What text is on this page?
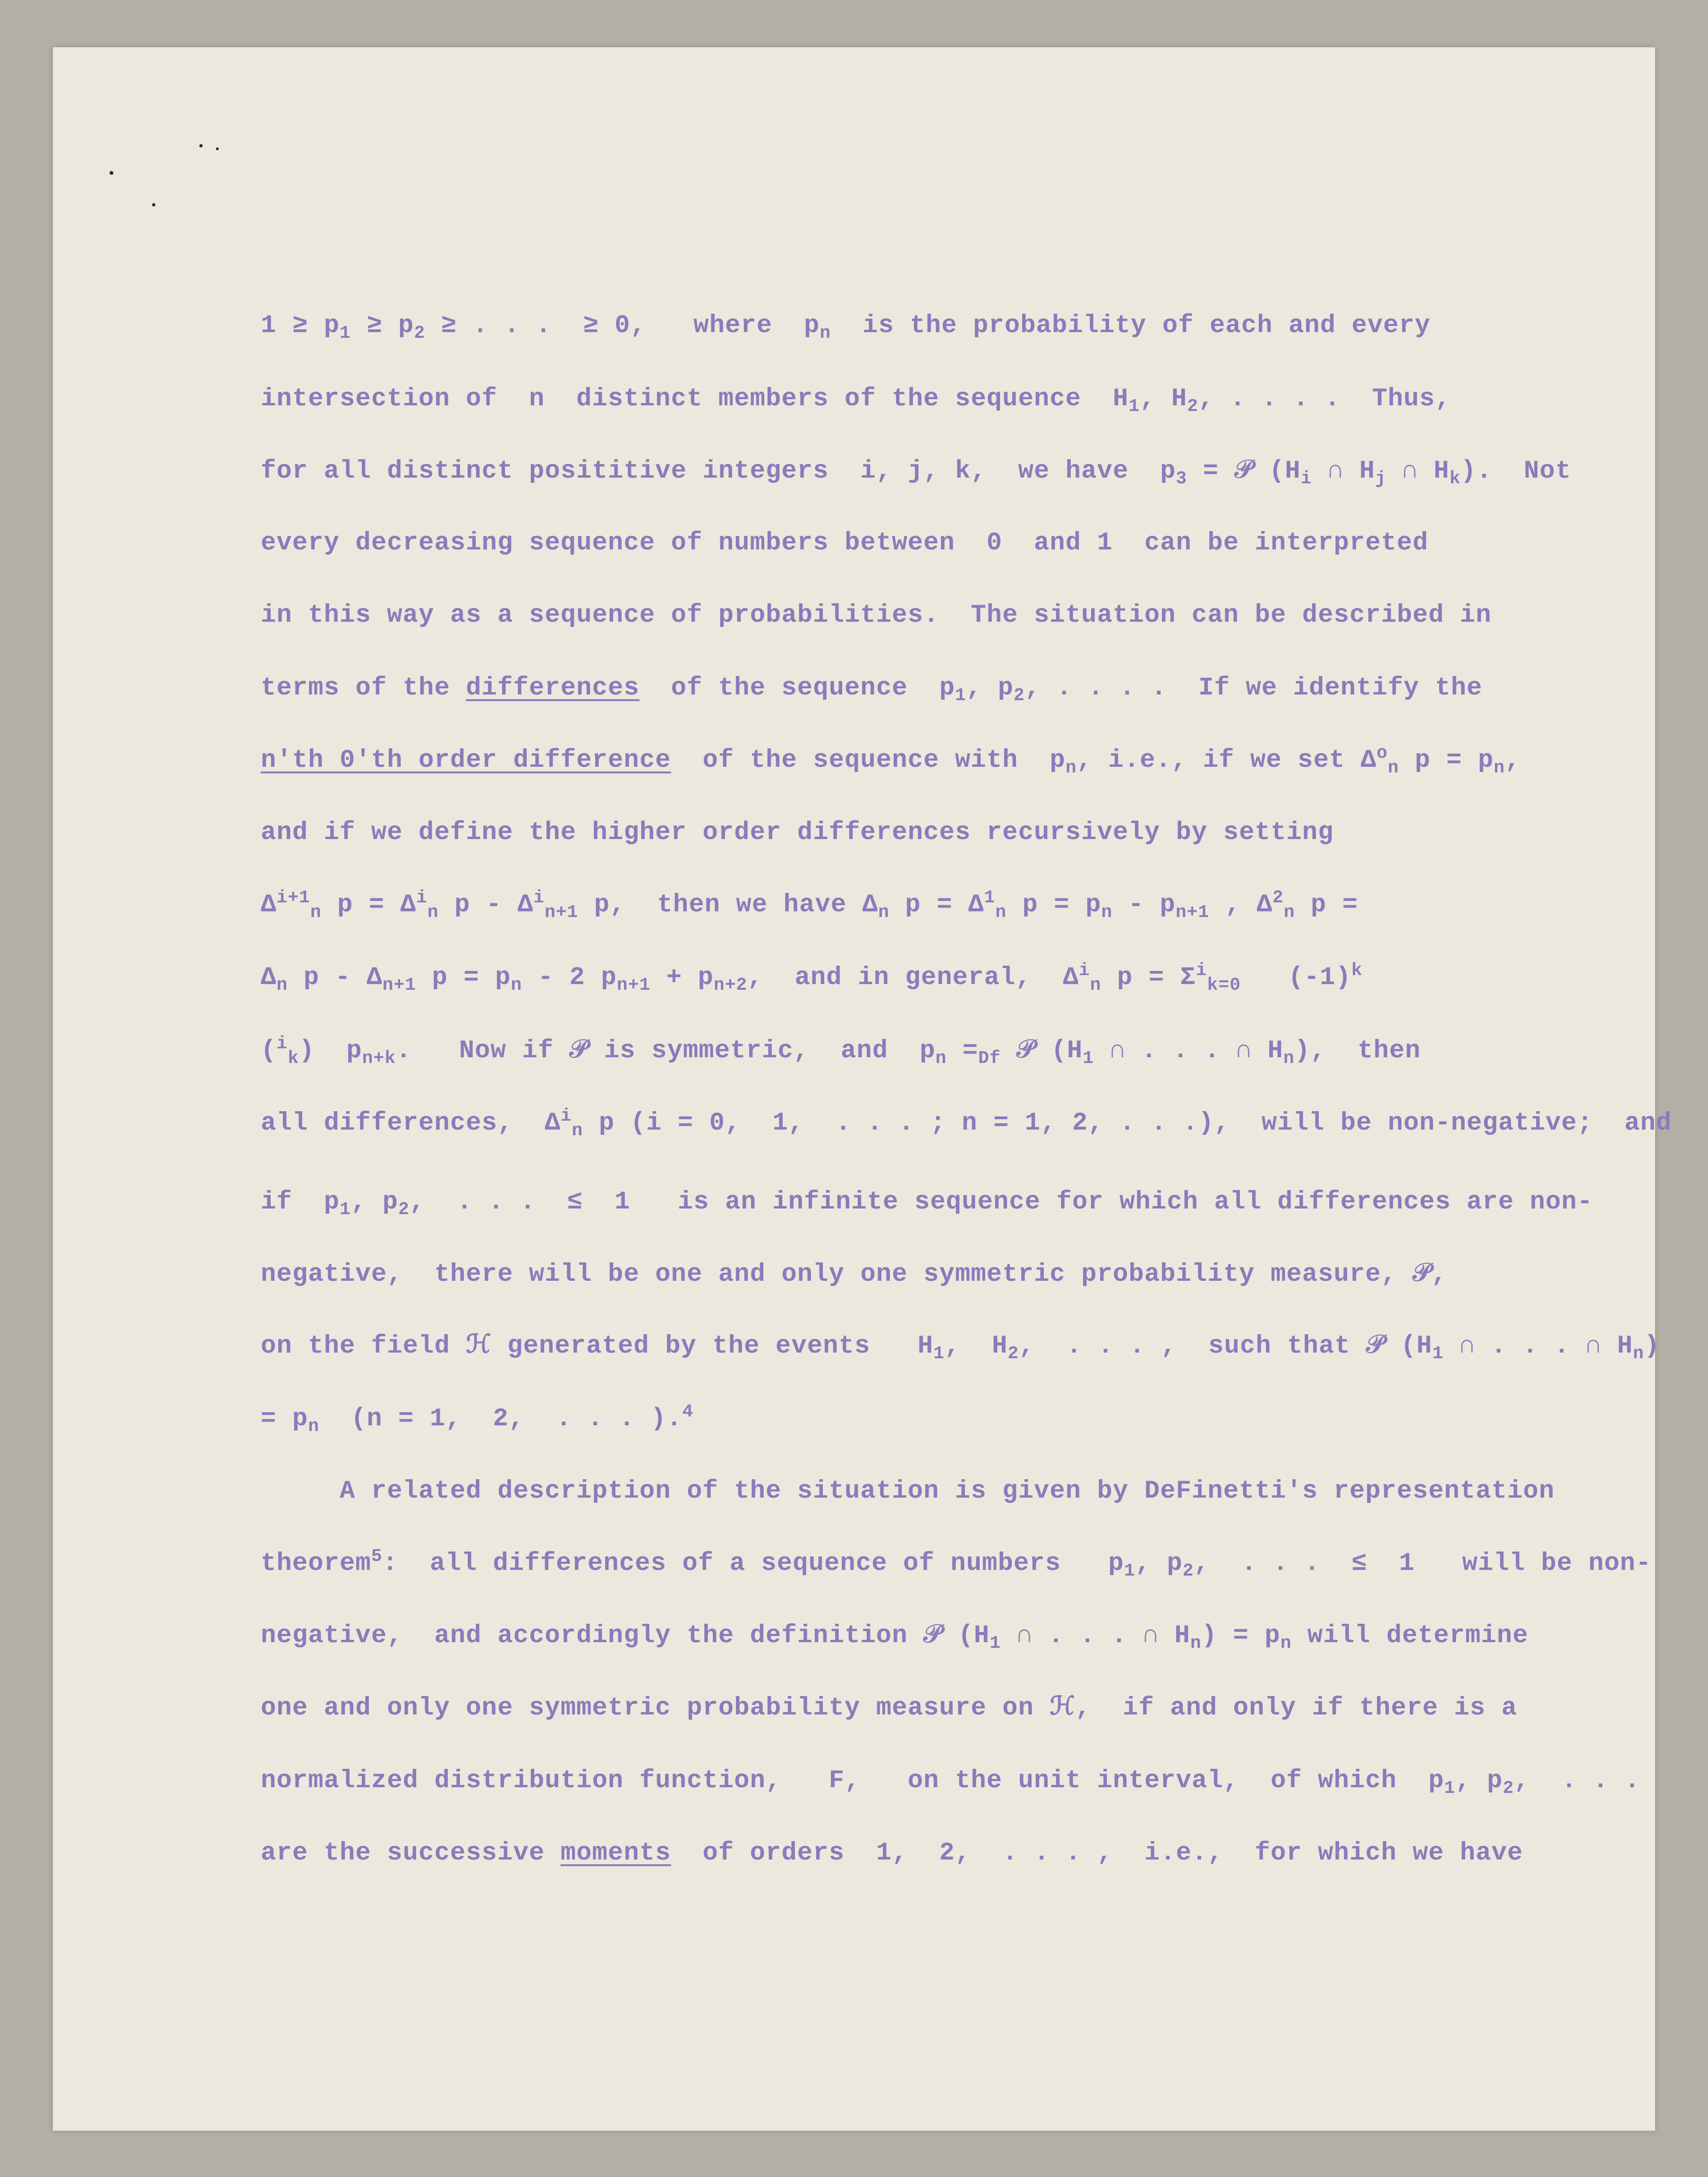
$1 \ge p_1 \ge p_2$ ≥ . . .  ≥ 0,   where  $p_n$  is the probability of each and every
intersection of  n  distinct members of the sequence  $H_1$, $H_2$, . . . .  Thus,
for all distinct posititive integers  i, j, k,  we have  $p_3$ = 𝒫 ($H_i$ ∩ $H_j$ ∩ $H_k$).  Not
every decreasing sequence of numbers between  0  and 1  can be interpreted
in this way as a sequence of probabilities.  The situation can be described in
terms of the differences  of the sequence  $p_1$, $p_2$, . . . .  If we identify the
n'th 0'th order difference  of the sequence with  $p_n$, i.e., if we set $\Delta^o_n$ $p = p_n$,
and if we define the higher order differences recursively by setting
$\Delta^{i+1}_n$ $p = \Delta^i_n$ p - $\Delta^i_{n+1}$ p,  then we have $\Delta_n$ $p = \Delta^1_n$ $p = p_n - p_{n+1}$ , $\Delta^2_n$ p =
$\Delta_n$ p - $\Delta_{n+1}$ $p = p_n - 2$ $p_{n+1} + p_{n+2}$,  and in general,  $\Delta^i_n$ $p = \Sigma^i_{k=0}$   $(-1)^k$
($^i_k$)  $p_{n+k}$.   Now if 𝒫 is symmetric,  and  $p_n =_{Df}$ 𝒫 ($H_1$ ∩ . . . ∩ $H_n$),  then
all differences,  $\Delta^i_n$ p (i = 0,  1,  . . . ; n = 1, 2, . . .),  will be non-negative;  and
if  $p_1$, $p_2$,  . . .  ≤  1   is an infinite sequence for which all differences are non-
negative,  there will be one and only one symmetric probability measure, 𝒫,
on the field ℋ generated by the events   $H_1$,  $H_2$,  . . . ,  such that 𝒫 ($H_1$ ∩ . . . ∩ $H_n$)
= $p_n$  (n = 1,  2,  . . . ).$^4$
A related description of the situation is given by DeFinetti's representation
theorem$^5$:  all differences of a sequence of numbers   $p_1$, $p_2$,  . . .  ≤  1   will be non-
negative,  and accordingly the definition 𝒫 ($H_1$ ∩ . . . ∩ $H_n) = p_n$ will determine
one and only one symmetric probability measure on ℋ,  if and only if there is a
normalized distribution function,   F,   on the unit interval,  of which  $p_1$, $p_2$,  . . .
are the successive moments  of orders  1,  2,  . . . ,  i.e.,  for which we have
